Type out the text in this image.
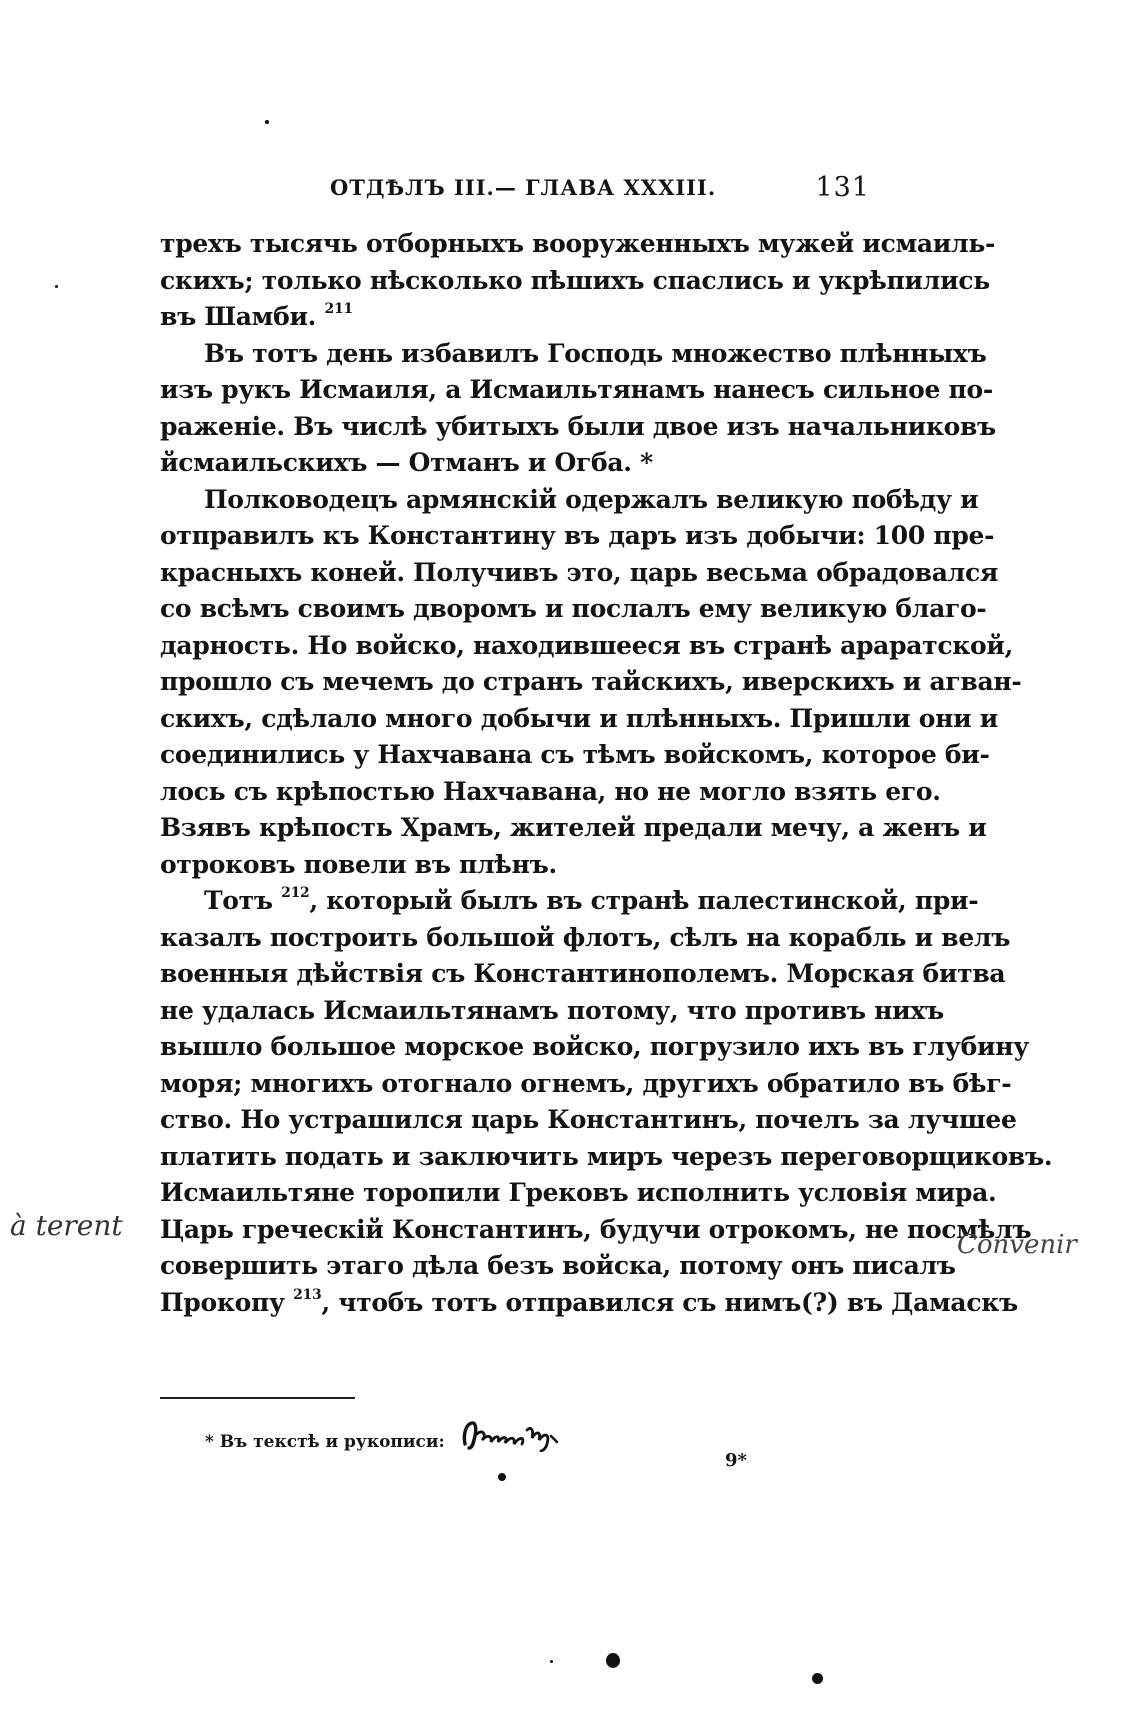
ОТДѢЛЪ III.— ГЛАВА XXXIII.	131
трехъ тысячь отборныхъ вооруженныхъ мужей исмаиль-
скихъ; только нѣсколько пѣшихъ спаслись и укрѣпились
въ Шамби. $^{211}$
Въ тотъ день избавилъ Господь множество плѣнныхъ
изъ рукъ Исмаиля, а Исмаильтянамъ нанесъ сильное по-
раженіе. Въ числѣ убитыхъ были двое изъ начальниковъ
йсмаильскихъ — Отманъ и Огба. *
Полководецъ армянскій одержалъ великую побѣду и
отправилъ къ Константину въ даръ изъ добычи: 100 пре-
красныхъ коней. Получивъ это, царь весьма обрадовался
со всѣмъ своимъ дворомъ и послалъ ему великую благо-
дарность. Но войско, находившееся въ странѣ араратской,
прошло съ мечемъ до странъ тайскихъ, иверскихъ и агван-
скихъ, сдѣлало много добычи и плѣнныхъ. Пришли они и
соединились у Нахчавана съ тѣмъ войскомъ, которое би-
лось съ крѣпостью Нахчавана, но не могло взять его.
Взявъ крѣпость Храмъ, жителей предали мечу, а женъ и
отроковъ повели въ плѣнъ.
Тотъ $^{212}$, который былъ въ странѣ палестинской, при-
казалъ построить большой флотъ, сѣлъ на корабль и велъ
военныя дѣйствія съ Константинополемъ. Морская битва
не удалась Исмаильтянамъ потому, что противъ нихъ
вышло большое морское войско, погрузило ихъ въ глубину
моря; многихъ отогнало огнемъ, другихъ обратило въ бѣг-
ство. Но устрашился царь Константинъ, почелъ за лучшее
платить подать и заключить миръ черезъ переговорщиковъ.
Исмаильтяне торопили Грековъ исполнить условія мира.
Царь греческій Константинъ, будучи отрокомъ, не посмѣлъ
совершить этаго дѣла безъ войска, потому онъ писалъ
Прокопу $^{213}$, чтобъ тотъ отправился съ нимъ(?) въ Дамаскъ
* Въ текстѣ и рукописи:
9*
à terent
Convenir
